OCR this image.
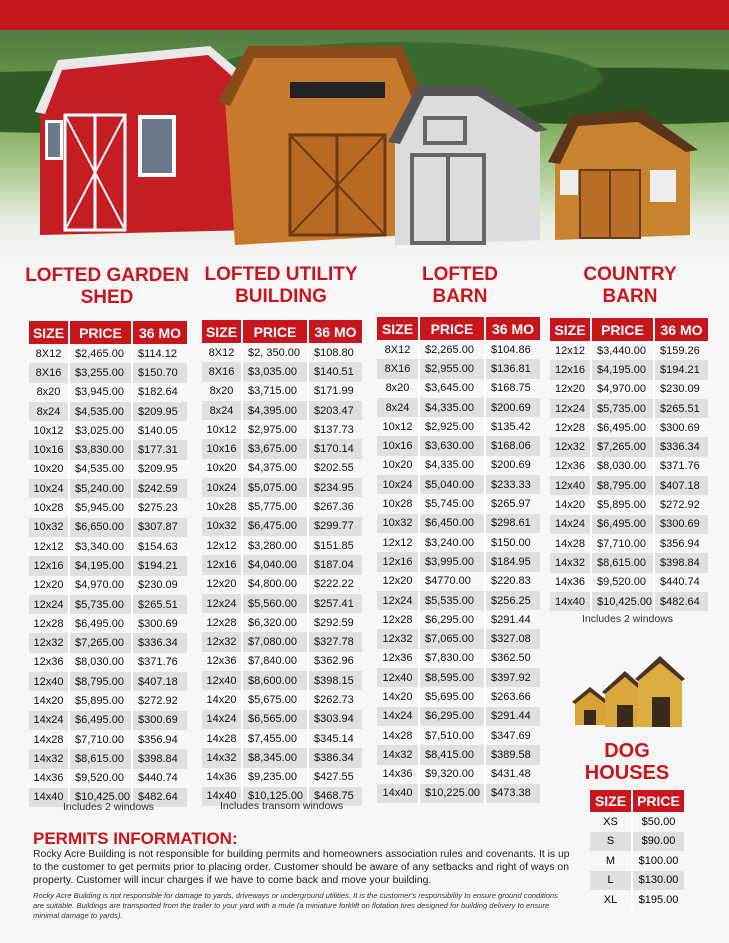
LOFTED GARDEN
SHED
LOFTED UTILITY
BUILDING
LOFTED
BARN
COUNTRY
BARN
SIZE	PRICE	36 MO
8X12	$2,465.00	$114.12
8X16	$3,255.00	$150.70
8x20	$3,945.00	$182.64
8x24	$4,535.00	$209.95
10x12	$3,025.00	$140.05
10x16	$3,830.00	$177.31
10x20	$4,535.00	$209.95
10x24	$5,240.00	$242.59
10x28	$5,945.00	$275.23
10x32	$6,650.00	$307.87
12x12	$3,340.00	$154.63
12x16	$4,195.00	$194.21
12x20	$4,970.00	$230.09
12x24	$5,735.00	$265.51
12x28	$6,495.00	$300.69
12x32	$7,265.00	$336.34
12x36	$8,030.00	$371.76
12x40	$8,795.00	$407.18
14x20	$5,895.00	$272.92
14x24	$6,495.00	$300.69
14x28	$7,710.00	$356.94
14x32	$8,615.00	$398.84
14x36	$9,520.00	$440.74
14x40	$10,425.00	$482.64
SIZE	PRICE	36 MO
8X12	$2, 350.00	$108.80
8X16	$3,035.00	$140.51
8x20	$3,715.00	$171.99
8x24	$4,395.00	$203.47
10x12	$2,975.00	$137.73
10x16	$3,675.00	$170.14
10x20	$4,375.00	$202.55
10x24	$5,075.00	$234.95
10x28	$5,775.00	$267.36
10x32	$6,475.00	$299.77
12x12	$3,280.00	$151.85
12x16	$4,040.00	$187.04
12x20	$4,800.00	$222.22
12x24	$5,560.00	$257.41
12x28	$6,320.00	$292.59
12x32	$7,080.00	$327.78
12x36	$7,840.00	$362.96
12x40	$8,600.00	$398.15
14x20	$5,675.00	$262.73
14x24	$6,565.00	$303.94
14x28	$7,455.00	$345.14
14x32	$8,345.00	$386.34
14x36	$9,235.00	$427.55
14x40	$10,125.00	$468.75
SIZE	PRICE	36 MO
8X12	$2,265.00	$104.86
8X16	$2,955.00	$136.81
8x20	$3,645.00	$168.75
8x24	$4,335.00	$200.69
10x12	$2,925.00	$135.42
10x16	$3,630.00	$168.06
10x20	$4,335.00	$200.69
10x24	$5,040.00	$233.33
10x28	$5,745.00	$265.97
10x32	$6,450.00	$298.61
12x12	$3,240.00	$150.00
12x16	$3,995.00	$184.95
12x20	$4770.00	$220.83
12x24	$5,535.00	$256.25
12x28	$6,295.00	$291.44
12x32	$7,065.00	$327.08
12x36	$7,830.00	$362.50
12x40	$8,595.00	$397.92
14x20	$5,695.00	$263.66
14x24	$6,295.00	$291.44
14x28	$7,510.00	$347.69
14x32	$8,415.00	$389.58
14x36	$9,320.00	$431.48
14x40	$10,225.00	$473.38
SIZE	PRICE	36 MO
12x12	$3,440.00	$159.26
12x16	$4,195.00	$194.21
12x20	$4,970.00	$230.09
12x24	$5,735.00	$265.51
12x28	$6,495.00	$300.69
12x32	$7,265.00	$336.34
12x36	$8,030.00	$371.76
12x40	$8,795.00	$407.18
14x20	$5,895.00	$272.92
14x24	$6,495.00	$300.69
14x28	$7,710.00	$356.94
14x32	$8,615.00	$398.84
14x36	$9,520.00	$440.74
14x40	$10,425.00	$482.64
Includes 2 windows	Includes transom windows
Includes 2 windows
DOG
HOUSES
SIZE	PRICE
XS	$50.00
S	$90.00
M	$100.00
L	$130.00
XL	$195.00
PERMITS INFORMATION:
Rocky Acre Building is not responsible for building permits and homeowners association rules and covenants. It is up to the customer to get permits prior to placing order. Customer should be aware of any setbacks and right of ways on property. Customer will incur charges if we have to come back and move your building.
Rocky Acre Building is not responsible for damage to yards, driveways or underground utilities. It is the customer's responsibility to ensure ground conditions are suitable. Buildings are transported from the trailer to your yard with a mule (a miniature forklift on flotation tires designed for building delivery to ensure minimal damage to yards).
